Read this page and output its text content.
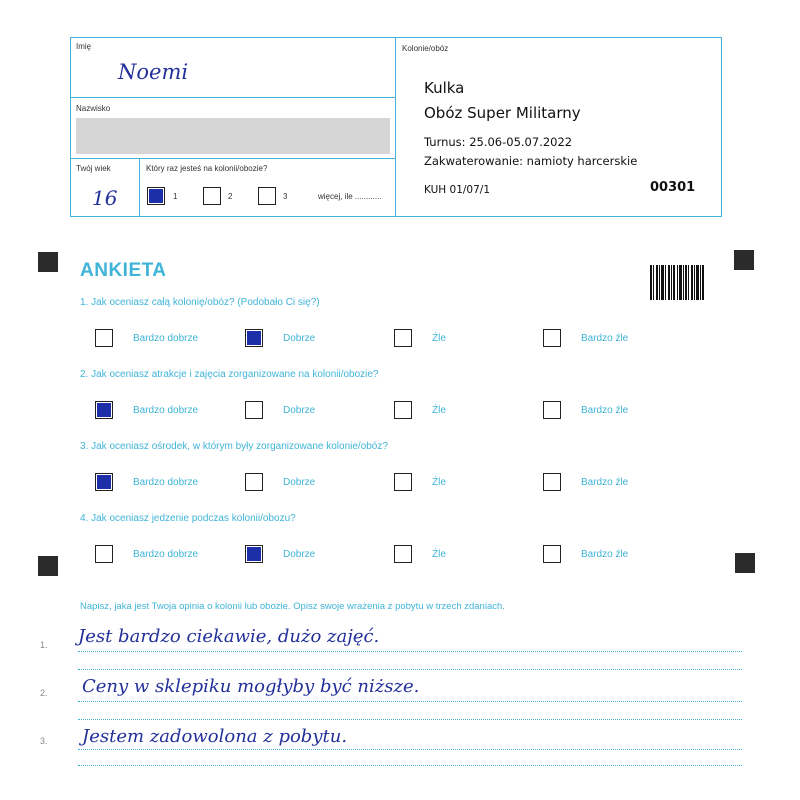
Imię
Noemi
Nazwisko
Twój wiek
16
Który raz jesteś na kolonii/obozie?
1	2	3	więcej, ile ............
Kolonie/obóz
Kulka
Obóz Super Militarny
Turnus: 25.06-05.07.2022
Zakwaterowanie: namioty harcerskie
KUH 01/07/1	00301
ANKIETA
1. Jak oceniasz całą kolonię/obóz? (Podobało Ci się?)
Bardzo dobrze	Dobrze	Źle	Bardzo źle
2. Jak oceniasz atrakcje i zajęcia zorganizowane na kolonii/obozie?
Bardzo dobrze	Dobrze	Źle	Bardzo źle
3. Jak oceniasz ośrodek, w którym były zorganizowane kolonie/obóz?
Bardzo dobrze	Dobrze	Źle	Bardzo źle
4. Jak oceniasz jedzenie podczas kolonii/obozu?
Bardzo dobrze	Dobrze	Źle	Bardzo źle
Napisz, jaka jest Twoja opinia o kolonii lub obozie. Opisz swoje wrażenia z pobytu w trzech zdaniach.
1. Jest bardzo ciekawie, dużo zajęć.
2. Ceny w sklepiku mogłyby być niższe.
3. Jestem zadowolona z pobytu.
